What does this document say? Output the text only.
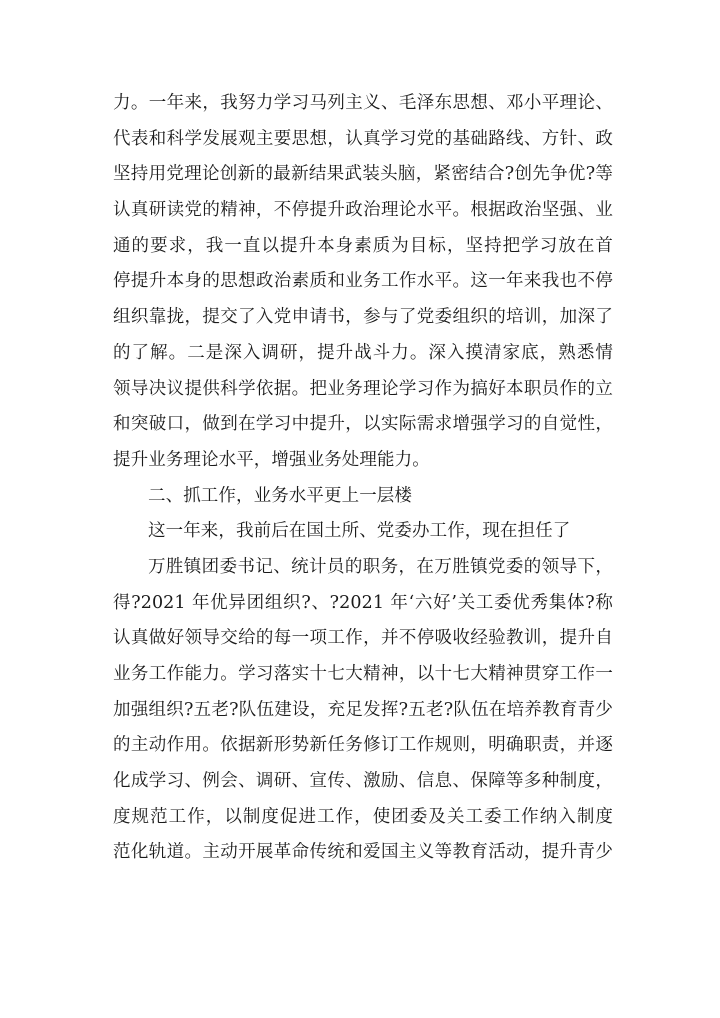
力。一年来，我努力学习马列主义、毛泽东思想、邓小平理论、
代表和科学发展观主要思想，认真学习党的基础路线、方针、政
坚持用党理论创新的最新结果武装头脑，紧密结合?创先争优?等
认真研读党的精神，不停提升政治理论水平。根据政治坚强、业
通的要求，我一直以提升本身素质为目标，坚持把学习放在首
停提升本身的思想政治素质和业务工作水平。这一年来我也不停
组织靠拢，提交了入党申请书，参与了党委组织的培训，加深了
的了解。二是深入调研，提升战斗力。深入摸清家底，熟悉情
领导决议提供科学依据。把业务理论学习作为搞好本职员作的立
和突破口，做到在学习中提升，以实际需求增强学习的自觉性，
提升业务理论水平，增强业务处理能力。
二、抓工作，业务水平更上一层楼
这一年来，我前后在国土所、党委办工作，现在担任了
万胜镇团委书记、统计员的职务，在万胜镇党委的领导下，
得?2021 年优异团组织?、?2021 年‘六好’关工委优秀集体?称
认真做好领导交给的每一项工作，并不停吸收经验教训，提升自
业务工作能力。学习落实十七大精神，以十七大精神贯穿工作一
加强组织?五老?队伍建设，充足发挥?五老?队伍在培养教育青少
的主动作用。依据新形势新任务修订工作规则，明确职责，并逐
化成学习、例会、调研、宣传、激励、信息、保障等多种制度，
度规范工作，以制度促进工作，使团委及关工委工作纳入制度
范化轨道。主动开展革命传统和爱国主义等教育活动，提升青少
